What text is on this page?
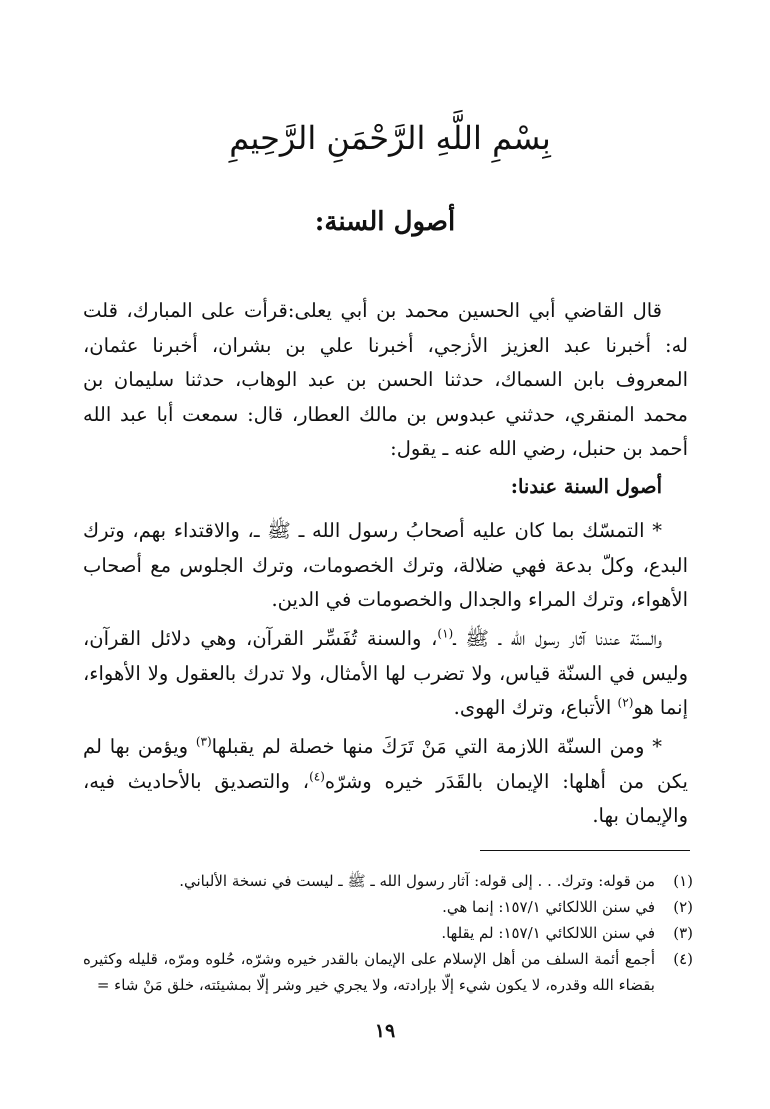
بِسْمِ اللَّهِ الرَّحْمَنِ الرَّحِيمِ
أصول السنة:

قال القاضي أبي الحسين محمد بن أبي يعلى:قرأت على المبارك، قلت له: أخبرنا عبد العزيز الأزجي، أخبرنا علي بن بشران، أخبرنا عثمان، المعروف بابن السماك، حدثنا الحسن بن عبد الوهاب، حدثنا سليمان بن محمد المنقري، حدثني عبدوس بن مالك العطار، قال: سمعت أبا عبد الله أحمد بن حنبل، رضي الله عنه ـ يقول:

أصول السنة عندنا:

* التمسّك بما كان عليه أصحابُ رسول الله ـ ﷺ ـ، والاقتداء بهم، وترك البدع، وكلّ بدعة فهي ضلالة، وترك الخصومات، وترك الجلوس مع أصحاب الأهواء، وترك المراء والجدال والخصومات في الدين.

والسنّة عندنا آثار رسول الله ـ ﷺ ـ$^{(١)}$، والسنة تُفَسِّر القرآن، وهي دلائل القرآن، وليس في السنّة قياس، ولا تضرب لها الأمثال، ولا تدرك بالعقول ولا الأهواء، إنما هو$^{(٢)}$ الأتباع، وترك الهوى.

* ومن السنّة اللازمة التي مَنْ تَرَكَ منها خصلة لم يقبلها$^{(٣)}$ ويؤمن بها لم يكن من أهلها: الإيمان بالقَدَر خيره وشرّه$^{(٤)}$، والتصديق بالأحاديث فيه، والإيمان بها.

(١)
من قوله: وترك. . . إلى قوله: آثار رسول الله ـ ﷺ ـ ليست في نسخة الألباني.
(٢)
في سنن اللالكائي ١٥٧/١: إنما هي.
(٣)
في سنن اللالكائي ١٥٧/١: لم يقلها.
(٤)
أجمع أئمة السلف من أهل الإسلام على الإيمان بالقدر خيره وشرّه، حُلوه ومرّه، قليله وكثيره بقضاء الله وقدره، لا يكون شيء إلّا بإرادته، ولا يجري خير وشر إلّا بمشيئته، خلق مَنْ شاء =
١٩
